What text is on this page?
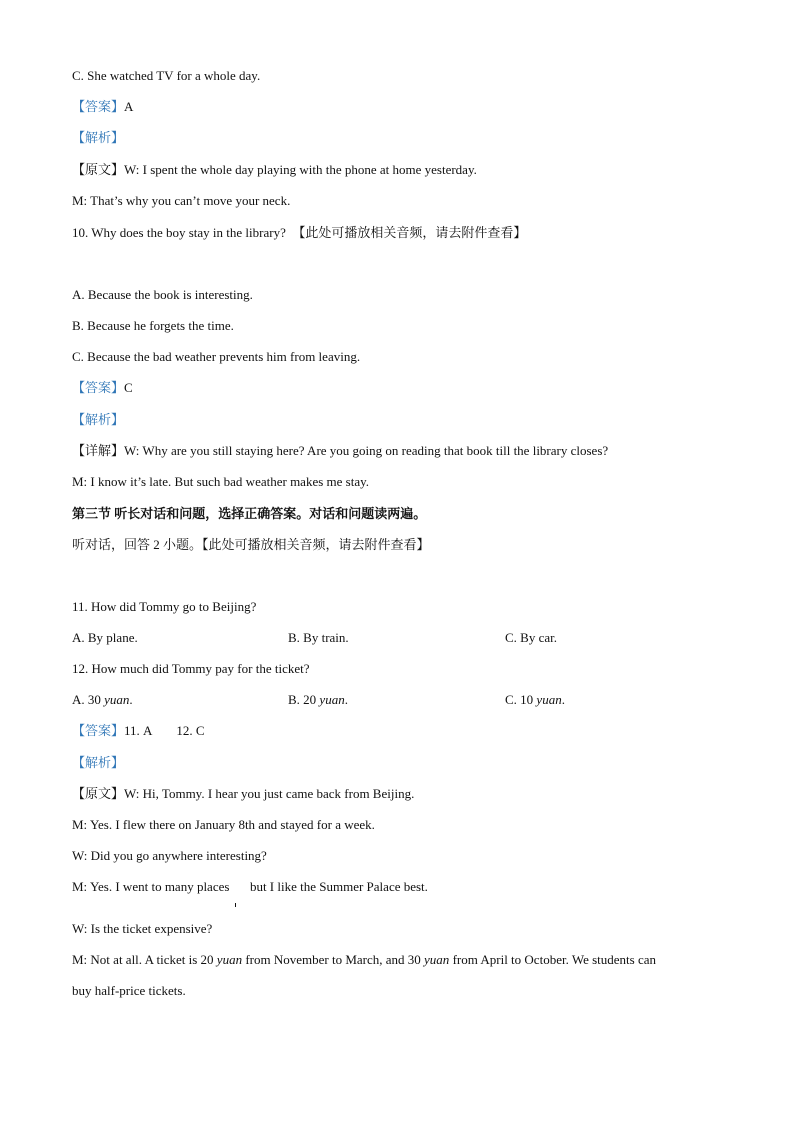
C. She watched TV for a whole day.
【答案】A
【解析】
【原文】W: I spent the whole day playing with the phone at home yesterday.
M: That’s why you can’t move your neck.
10. Why does the boy stay in the library? 【此处可播放相关音频，请去附件查看】
A. Because the book is interesting.
B. Because he forgets the time.
C. Because the bad weather prevents him from leaving.
【答案】C
【解析】
【详解】W: Why are you still staying here? Are you going on reading that book till the library closes?
M: I know it’s late. But such bad weather makes me stay.
第三节 听长对话和问题，选择正确答案。对话和问题读两遍。
听对话，回答 2 小题。【此处可播放相关音频，请去附件查看】
11. How did Tommy go to Beijing?
A. By plane.	B. By train.	C. By car.
12. How much did Tommy pay for the ticket?
A. 30 yuan.	B. 20 yuan.	C. 10 yuan.
【答案】11. A 12. C
【解析】
【原文】W: Hi, Tommy. I hear you just came back from Beijing.
M: Yes. I flew there on January 8th and stayed for a week.
W: Did you go anywhere interesting?
M: Yes. I went to many places but I like the Summer Palace best.
W: Is the ticket expensive?
M: Not at all. A ticket is 20 yuan from November to March, and 30 yuan from April to October. We students can
buy half-price tickets.
